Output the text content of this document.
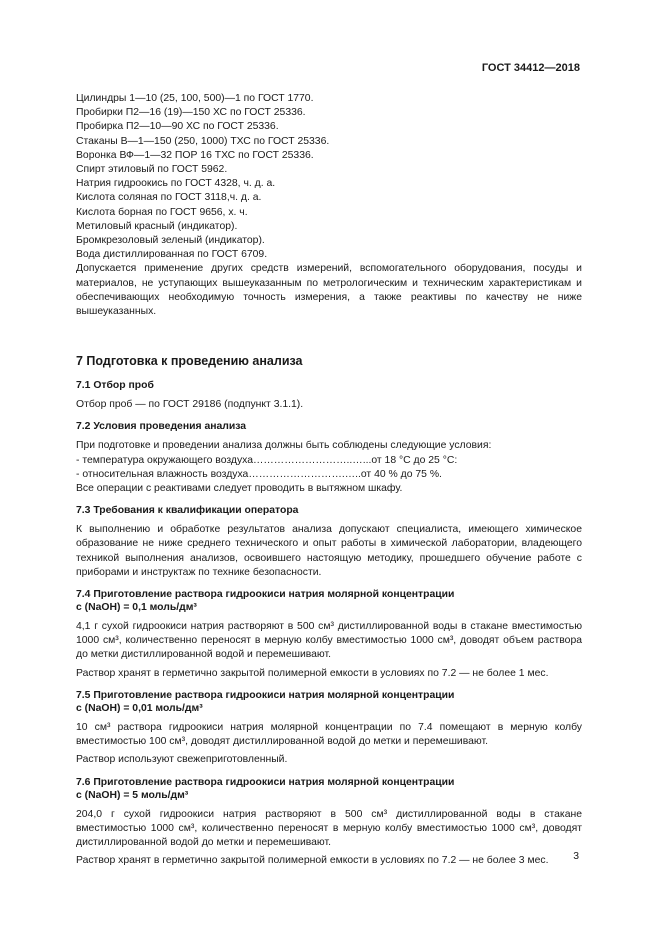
ГОСТ 34412—2018
Цилиндры 1—10 (25, 100, 500)—1 по ГОСТ 1770.
Пробирки П2—16 (19)—150 ХС по ГОСТ 25336.
Пробирка П2—10—90 ХС по ГОСТ 25336.
Стаканы В—1—150 (250, 1000) ТХС по ГОСТ 25336.
Воронка ВФ—1—32 ПОР 16 ТХС по ГОСТ 25336.
Спирт этиловый по ГОСТ 5962.
Натрия гидроокись по ГОСТ 4328, ч. д. а.
Кислота соляная по ГОСТ 3118,ч. д. а.
Кислота борная по ГОСТ 9656, х. ч.
Метиловый красный (индикатор).
Бромкрезоловый зеленый (индикатор).
Вода дистиллированная по ГОСТ 6709.

Допускается применение других средств измерений, вспомогательного оборудования, посуды и материалов, не уступающих вышеуказанным по метрологическим и техническим характеристикам и обеспечивающих необходимую точность измерения, а также реактивы по качеству не ниже вышеуказанных.

7 Подготовка к проведению анализа
7.1 Отбор проб

Отбор проб — по ГОСТ 29186 (подпункт 3.1.1).

7.2 Условия проведения анализа

При подготовке и проведении анализа должны быть соблюдены следующие условия:

- температура окружающего воздуха………………………..…...от 18 °С до 25 °С:
- относительная влажность воздуха……………………….…..от 40 % до 75 %.
Все операции с реактивами следует проводить в вытяжном шкафу.
7.3 Требования к квалификации оператора

К выполнению и обработке результатов анализа допускают специалиста, имеющего химическое образование не ниже среднего технического и опыт работы в химической лаборатории, владеющего техникой выполнения анализов, освоившего настоящую методику, прошедшего обучение работе с приборами и инструктаж по технике безопасности.

7.4 Приготовление раствора гидроокиси натрия молярной концентрации
c (NaOH) = 0,1 моль/дм³

4,1 г сухой гидроокиси натрия растворяют в 500 см³ дистиллированной воды в стакане вместимостью 1000 см³, количественно переносят в мерную колбу вместимостью 1000 см³, доводят объем раствора до метки дистиллированной водой и перемешивают.

Раствор хранят в герметично закрытой полимерной емкости в условиях по 7.2 — не более 1 мес.

7.5 Приготовление раствора гидроокиси натрия молярной концентрации
c (NaOH) = 0,01 моль/дм³

10 см³ раствора гидроокиси натрия молярной концентрации по 7.4 помещают в мерную колбу вместимостью 100 см³, доводят дистиллированной водой до метки и перемешивают.

Раствор используют свежеприготовленный.

7.6 Приготовление раствора гидроокиси натрия молярной концентрации
c (NaOH) = 5 моль/дм³

204,0 г сухой гидроокиси натрия растворяют в 500 см³ дистиллированной воды в стакане вместимостью 1000 см³, количественно переносят в мерную колбу вместимостью 1000 см³, доводят дистиллированной водой до метки и перемешивают.

Раствор хранят в герметично закрытой полимерной емкости в условиях по 7.2 — не более 3 мес.	3
